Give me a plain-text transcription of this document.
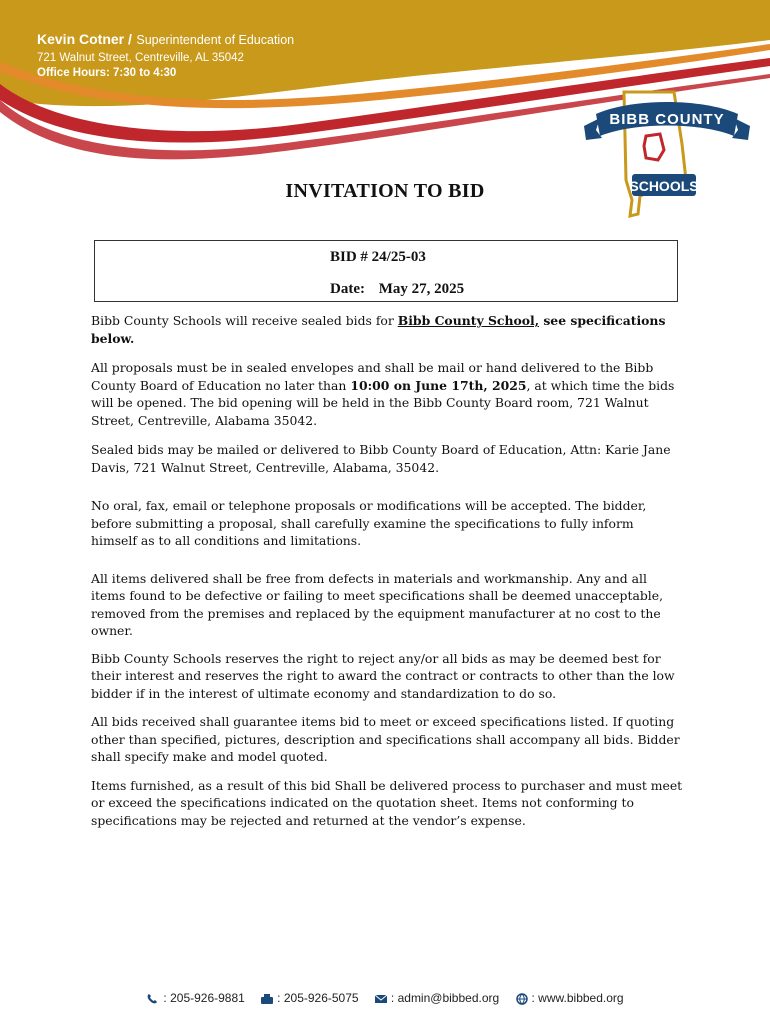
Kevin Cotner / Superintendent of Education
721 Walnut Street, Centreville, AL 35042
Office Hours: 7:30 to 4:30
BIBB COUNTY
SCHOOLS
INVITATION TO BID
BID # 24/25-03
Date: May 27, 2025

Bibb County Schools will receive sealed bids for Bibb County School, see specifications below.

All proposals must be in sealed envelopes and shall be mail or hand delivered to the Bibb County Board of Education no later than 10:00 on June 17th, 2025, at which time the bids will be opened. The bid opening will be held in the Bibb County Board room, 721 Walnut Street, Centreville, Alabama 35042.

Sealed bids may be mailed or delivered to Bibb County Board of Education, Attn: Karie Jane Davis, 721 Walnut Street, Centreville, Alabama, 35042.

No oral, fax, email or telephone proposals or modifications will be accepted. The bidder, before submitting a proposal, shall carefully examine the specifications to fully inform himself as to all conditions and limitations.

All items delivered shall be free from defects in materials and workmanship. Any and all items found to be defective or failing to meet specifications shall be deemed unacceptable, removed from the premises and replaced by the equipment manufacturer at no cost to the owner.

Bibb County Schools reserves the right to reject any/or all bids as may be deemed best for their interest and reserves the right to award the contract or contracts to other than the low bidder if in the interest of ultimate economy and standardization to do so.

All bids received shall guarantee items bid to meet or exceed specifications listed. If quoting other than specified, pictures, description and specifications shall accompany all bids. Bidder shall specify make and model quoted.

Items furnished, as a result of this bid Shall be delivered process to purchaser and must meet or exceed the specifications indicated on the quotation sheet. Items not conforming to specifications may be rejected and returned at the vendor’s expense.

: 205-926-9881	: 205-926-5075	: admin@bibbed.org	: www.bibbed.org
